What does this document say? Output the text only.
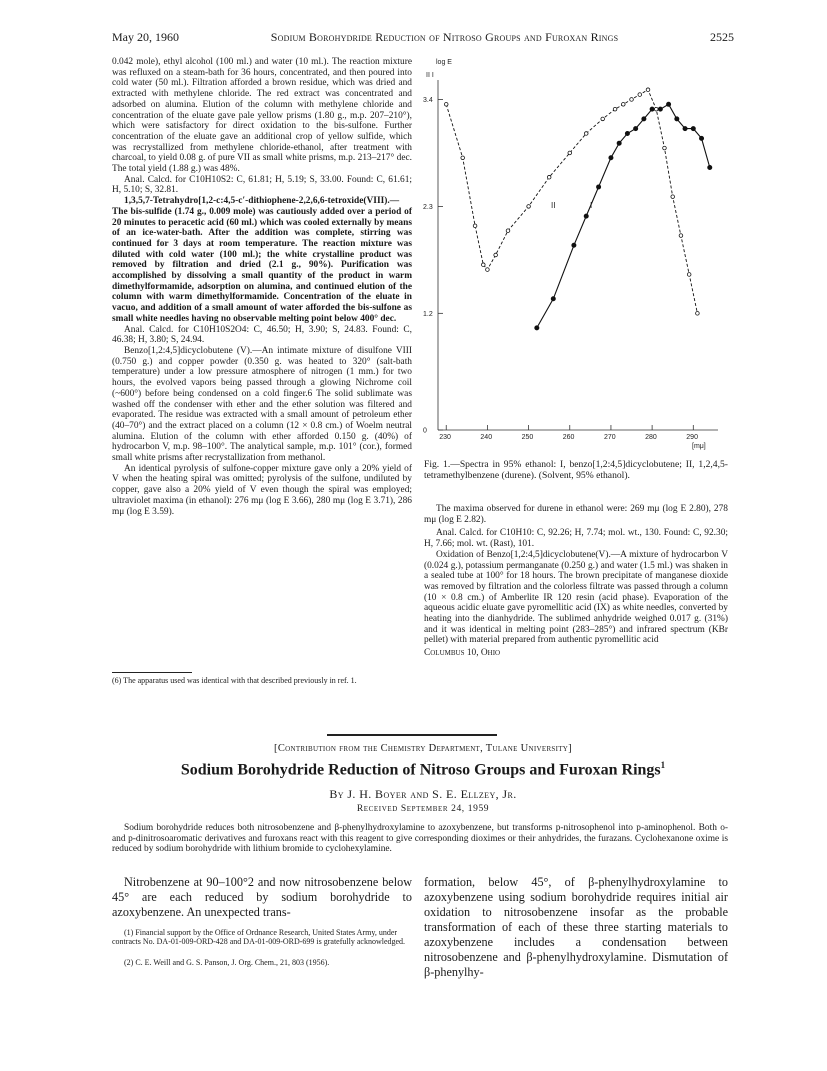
May 20, 1960	Sodium Borohydride Reduction of Nitroso Groups and Furoxan Rings	2525

0.042 mole), ethyl alcohol (100 ml.) and water (10 ml.). The reaction mixture was refluxed on a steam-bath for 36 hours, concentrated, and then poured into cold water (50 ml.). Filtration afforded a brown residue, which was dried and extracted with methylene chloride. The red extract was concentrated and adsorbed on alumina. Elution of the column with methylene chloride and concentration of the eluate gave pale yellow prisms (1.80 g., m.p. 207–210°), which were satisfactory for direct oxidation to the bis-sulfone. Further concentration of the eluate gave an additional crop of yellow sulfide, which was recrystallized from methylene chloride-ethanol, after treatment with charcoal, to yield 0.08 g. of pure VII as small white prisms, m.p. 213–217° dec. The total yield (1.88 g.) was 48%.

Anal. Calcd. for C10H10S2: C, 61.81; H, 5.19; S, 33.00. Found: C, 61.61; H, 5.10; S, 32.81.

1,3,5,7-Tetrahydro[1,2-c:4,5-c′-dithiophene-2,2,6,6-tetroxide(VIII).—The bis-sulfide (1.74 g., 0.009 mole) was cautiously added over a period of 20 minutes to peracetic acid (60 ml.) which was cooled externally by means of an ice-water-bath. After the addition was complete, stirring was continued for 3 days at room temperature. The reaction mixture was diluted with cold water (100 ml.); the white crystalline product was removed by filtration and dried (2.1 g., 90%). Purification was accomplished by dissolving a small quantity of the product in warm dimethylformamide, adsorption on alumina, and continued elution of the column with warm dimethylformamide. Concentration of the eluate in vacuo, and addition of a small amount of water afforded the bis-sulfone as small white needles having no observable melting point below 400° dec.

Anal. Calcd. for C10H10S2O4: C, 46.50; H, 3.90; S, 24.83. Found: C, 46.38; H, 3.80; S, 24.94.

Benzo[1,2:4,5]dicyclobutene (V).—An intimate mixture of disulfone VIII (0.750 g.) and copper powder (0.350 g. was heated to 320° (salt-bath temperature) under a low pressure atmosphere of nitrogen (1 mm.) for two hours, the evolved vapors being passed through a glowing Nichrome coil (~600°) before being condensed on a cold finger.6 The solid sublimate was washed off the condenser with ether and the ether solution was filtered and evaporated. The residue was extracted with a small amount of petroleum ether (40–70°) and the extract placed on a column (12 × 0.8 cm.) of Woelm neutral alumina. Elution of the column with ether afforded 0.150 g. (40%) of hydrocarbon V, m.p. 98–100°. The analytical sample, m.p. 101° (cor.), formed small white prisms after recrystallization from methanol.

An identical pyrolysis of sulfone-copper mixture gave only a 20% yield of V when the heating spiral was omitted; pyrolysis of the sulfone, undiluted by copper, gave also a 20% yield of V even though the spiral was employed; ultraviolet maxima (in ethanol): 276 mμ (log E 3.66), 280 mμ (log E 3.71), 286 mμ (log E 3.59).

(6) The apparatus used was identical with that described previously in ref. 1.
log E
II I
3.4
2.3
1.2
0
230	240	250	260	270	280	290
II	I
[mμ]
Fig. 1.—Spectra in 95% ethanol: I, benzo[1,2:4,5]dicyclobutene; II, 1,2,4,5-tetramethylbenzene (durene). (Solvent, 95% ethanol).

The maxima observed for durene in ethanol were: 269 mμ (log E 2.80), 278 mμ (log E 2.82).

Anal. Calcd. for C10H10: C, 92.26; H, 7.74; mol. wt., 130. Found: C, 92.30; H, 7.66; mol. wt. (Rast), 101.

Oxidation of Benzo[1,2:4,5]dicyclobutene(V).—A mixture of hydrocarbon V (0.024 g.), potassium permanganate (0.250 g.) and water (1.5 ml.) was shaken in a sealed tube at 100° for 18 hours. The brown precipitate of manganese dioxide was removed by filtration and the colorless filtrate was passed through a column (10 × 0.8 cm.) of Amberlite IR 120 resin (acid phase). Evaporation of the aqueous acidic eluate gave pyromellitic acid (IX) as white needles, converted by heating into the dianhydride. The sublimed anhydride weighed 0.017 g. (31%) and it was identical in melting point (283–285°) and infrared spectrum (KBr pellet) with material prepared from authentic pyromellitic acid

Columbus 10, Ohio

[Contribution from the Chemistry Department, Tulane University]
Sodium Borohydride Reduction of Nitroso Groups and Furoxan Rings$^1$
By J. H. Boyer and S. E. Ellzey, Jr.
Received September 24, 1959
Sodium borohydride reduces both nitrosobenzene and β-phenylhydroxylamine to azoxybenzene, but transforms p-nitrosophenol into p-aminophenol. Both o- and p-dinitrosoaromatic derivatives and furoxans react with this reagent to give corresponding dioximes or their anhydrides, the furazans. Cyclohexanone oxime is reduced by sodium borohydride with lithium bromide to cyclohexylamine.
Nitrobenzene at 90–100°2 and now nitrosobenzene below 45° are each reduced by sodium borohydride to azoxybenzene. An unexpected trans-
(1) Financial support by the Office of Ordnance Research, United States Army, under contracts No. DA-01-009-ORD-428 and DA-01-009-ORD-699 is gratefully acknowledged.
(2) C. E. Weill and G. S. Panson, J. Org. Chem., 21, 803 (1956).
formation, below 45°, of β-phenylhydroxylamine to azoxybenzene using sodium borohydride requires initial air oxidation to nitrosobenzene insofar as the probable transformation of each of these three starting materials to azoxybenzene includes a condensation between nitrosobenzene and β-phenylhydroxylamine. Dismutation of β-phenylhy-
